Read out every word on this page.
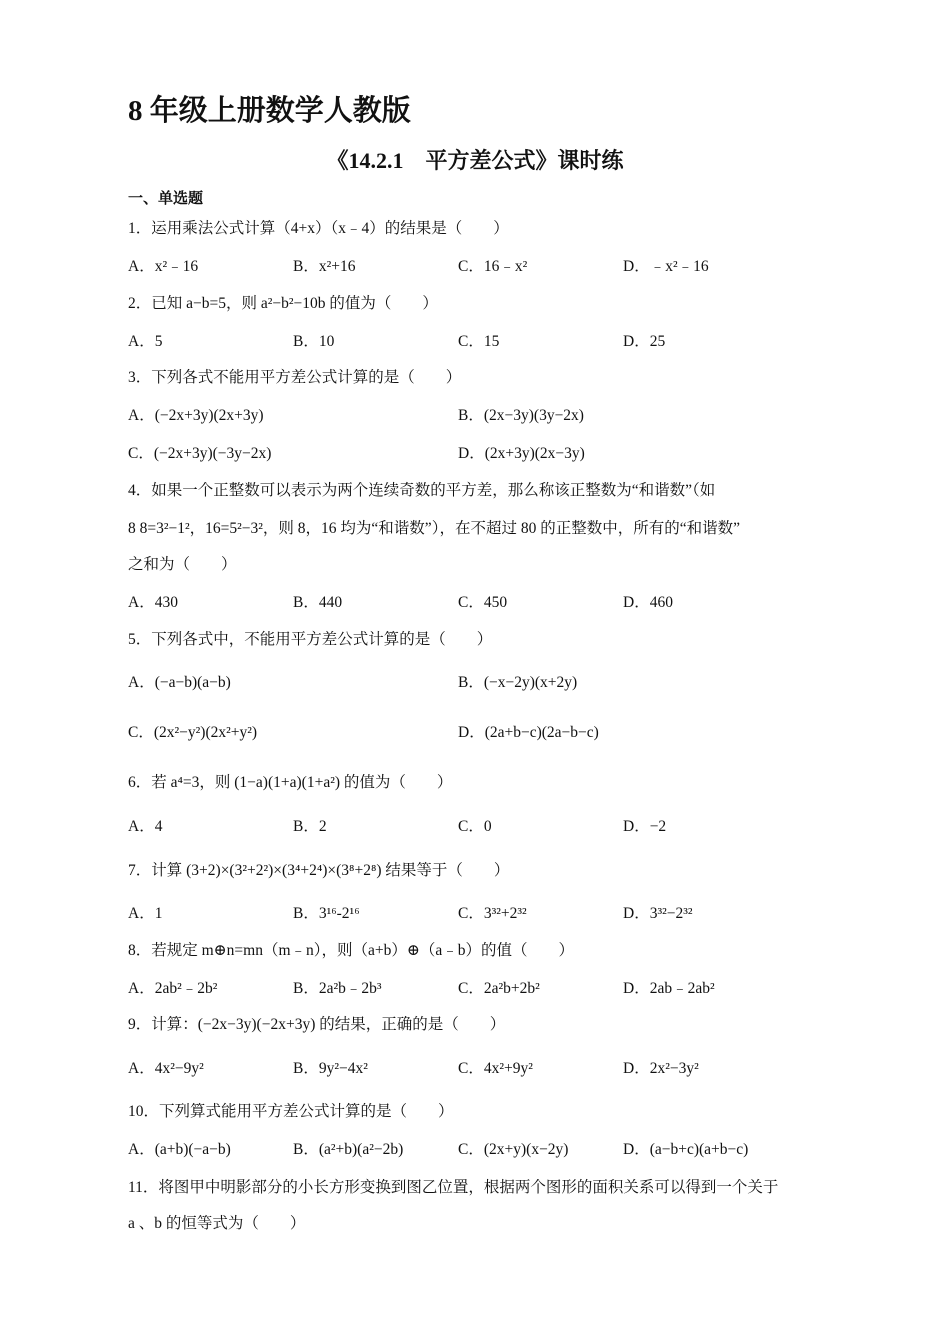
8 年级上册数学人教版
《14.2.1　平方差公式》课时练
一、单选题
1．运用乘法公式计算（4+x）（x﹣4）的结果是（　　）
A．x²﹣16	B．x²+16	C．16﹣x²	D．﹣x²﹣16
2．已知 a−b=5，则 a²−b²−10b 的值为（　　）
A．5	B．10	C．15	D．25
3．下列各式不能用平方差公式计算的是（　　）
A．(−2x+3y)(2x+3y)	B．(2x−3y)(3y−2x)
C．(−2x+3y)(−3y−2x)	D．(2x+3y)(2x−3y)
4．如果一个正整数可以表示为两个连续奇数的平方差，那么称该正整数为“和谐数”（如
8 8=3²−1²，16=5²−3²，则 8，16 均为“和谐数”），在不超过 80 的正整数中，所有的“和谐数”
之和为（　　）
A．430	B．440	C．450	D．460
5．下列各式中，不能用平方差公式计算的是（　　）
A．(−a−b)(a−b)	B．(−x−2y)(x+2y)
C．(2x²−y²)(2x²+y²)	D．(2a+b−c)(2a−b−c)
6．若 a⁴=3，则 (1−a)(1+a)(1+a²) 的值为（　　）
A．4	B．2	C．0	D．−2
7．计算 (3+2)×(3²+2²)×(3⁴+2⁴)×(3⁸+2⁸) 结果等于（　　）
A．1	B．3¹⁶-2¹⁶	C．3³²+2³²	D．3³²−2³²
8．若规定 m⊕n=mn（m﹣n），则（a+b）⊕（a﹣b）的值（　　）
A．2ab²﹣2b²	B．2a²b﹣2b³	C．2a²b+2b²	D．2ab﹣2ab²
9．计算：(−2x−3y)(−2x+3y) 的结果，正确的是（　　）
A．4x²−9y²	B．9y²−4x²	C．4x²+9y²	D．2x²−3y²
10．下列算式能用平方差公式计算的是（　　）
A．(a+b)(−a−b)	B．(a²+b)(a²−2b)	C．(2x+y)(x−2y)	D．(a−b+c)(a+b−c)
11．将图甲中明影部分的小长方形变换到图乙位置，根据两个图形的面积关系可以得到一个关于
a 、b 的恒等式为（　　）
